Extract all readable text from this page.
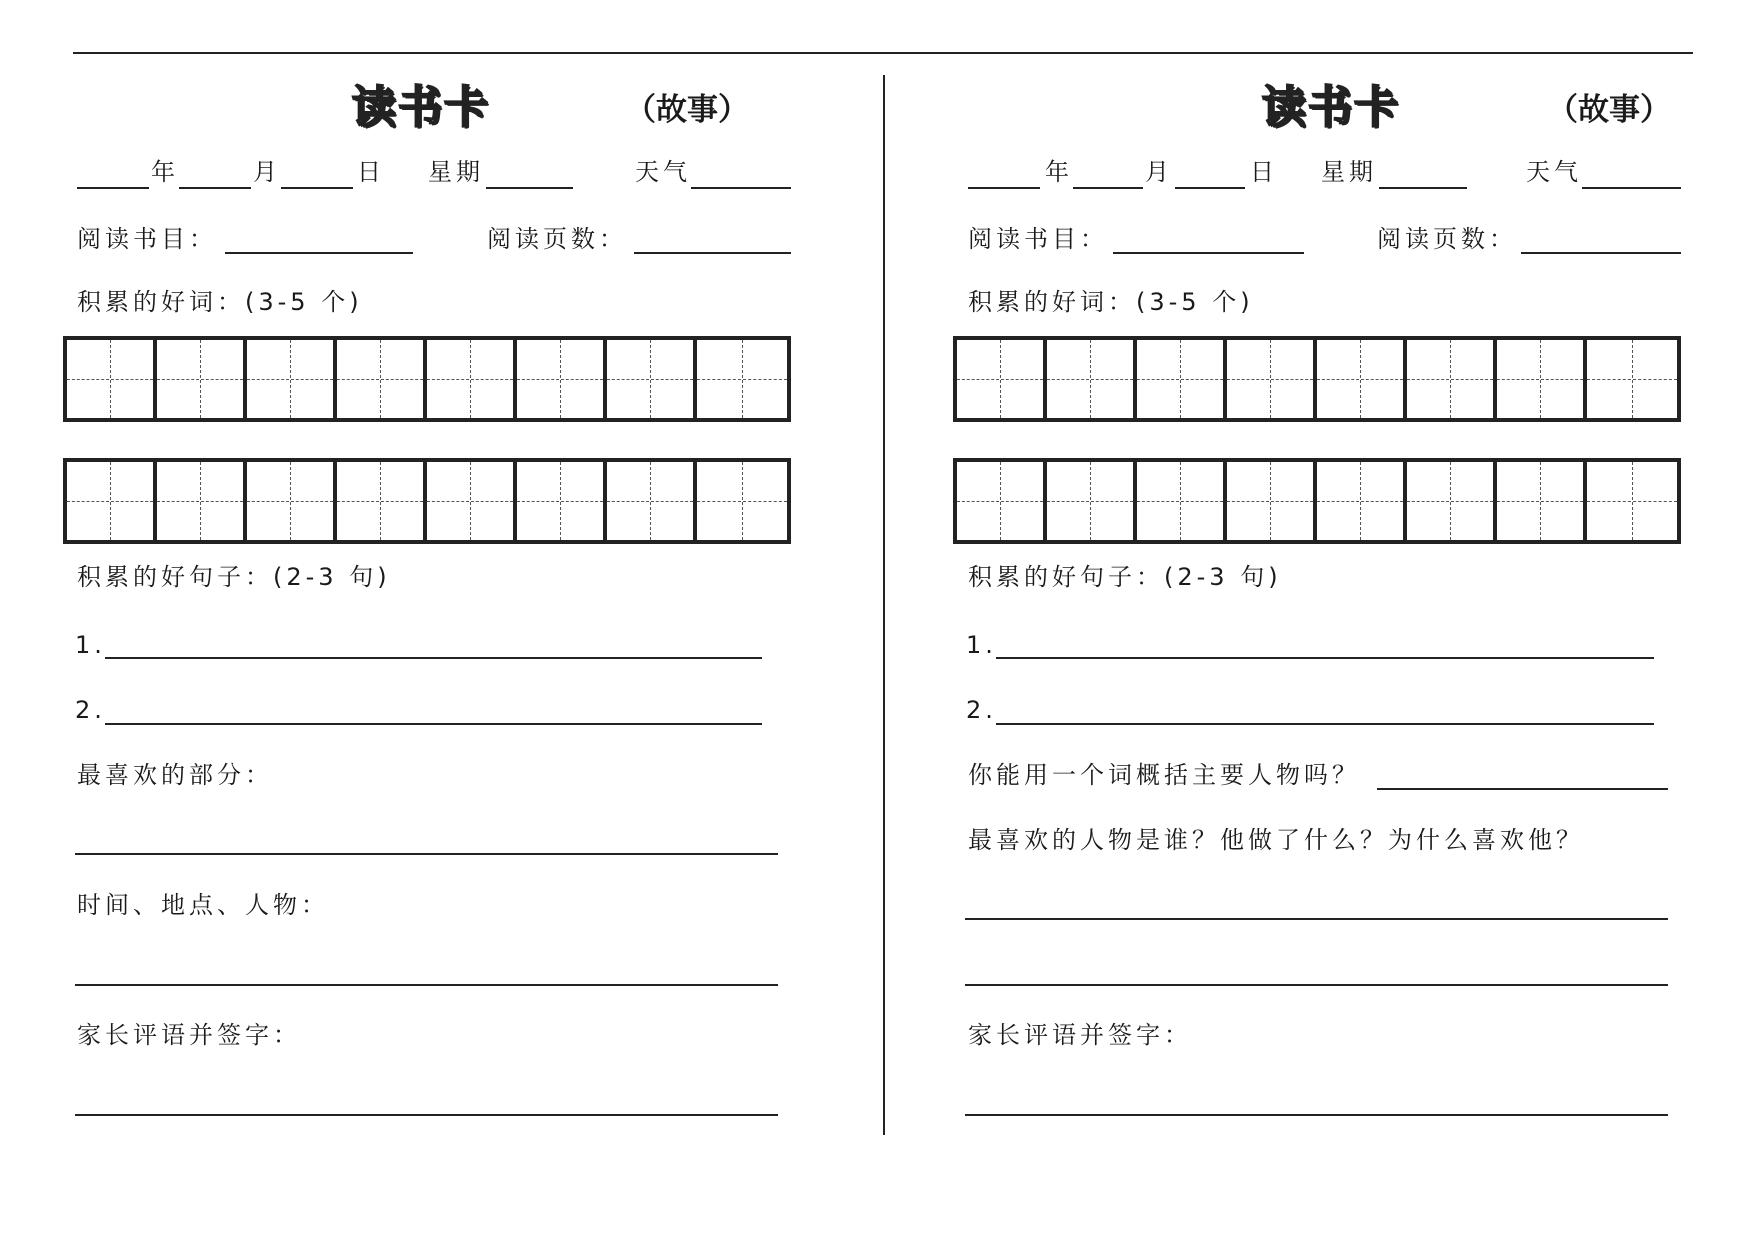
读书卡	（故事）
年	月	日 星期	天气
阅读书目：	阅读页数：
积累的好词：(3-5 个)
积累的好句子：(2-3 句)
1.
2.
最喜欢的部分：
时间、地点、人物：
家长评语并签字：
读书卡	（故事）
年	月	日 星期	天气
阅读书目：	阅读页数：
积累的好词：(3-5 个)
积累的好句子：(2-3 句)
1.
2.
你能用一个词概括主要人物吗？
最喜欢的人物是谁？他做了什么？为什么喜欢他？
家长评语并签字：
